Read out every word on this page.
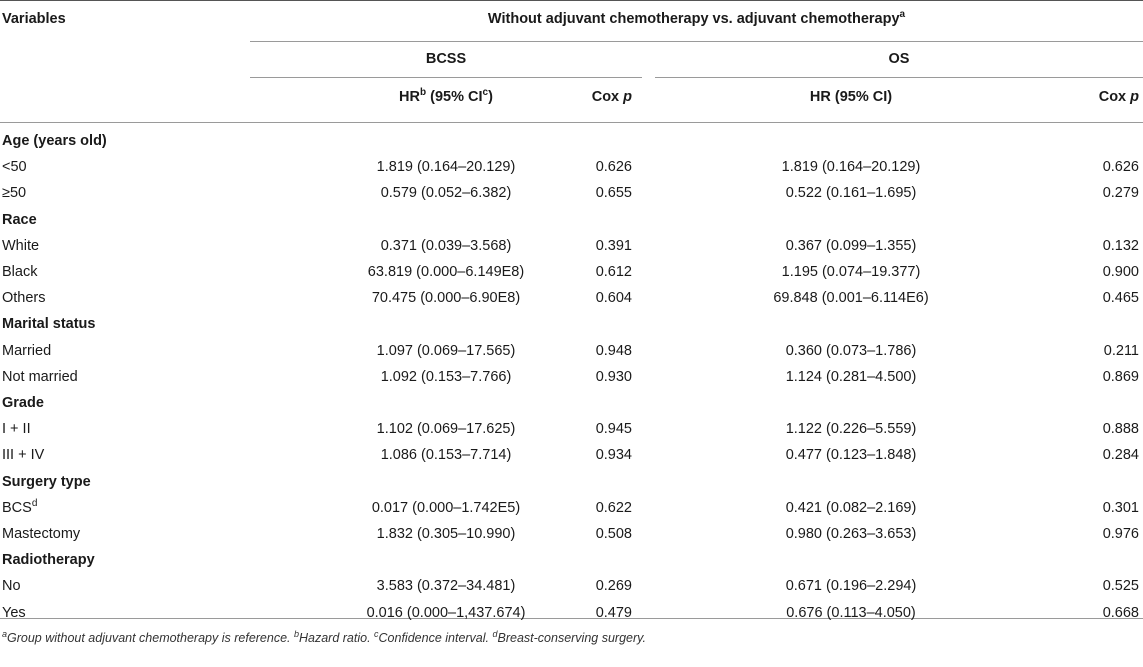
Variables	Without adjuvant chemotherapy vs. adjuvant chemotherapy$^a$
BCSS	OS
$HR^b$ (95% $CI^c$)	Cox p	HR (95% CI)	Cox p
Age (years old)
<50	1.819 (0.164–20.129)	0.626	1.819 (0.164–20.129)	0.626
≥50	0.579 (0.052–6.382)	0.655	0.522 (0.161–1.695)	0.279
Race
White	0.371 (0.039–3.568)	0.391	0.367 (0.099–1.355)	0.132
Black	63.819 (0.000–6.149E8)	0.612	1.195 (0.074–19.377)	0.900
Others	70.475 (0.000–6.90E8)	0.604	69.848 (0.001–6.114E6)	0.465
Marital status
Married	1.097 (0.069–17.565)	0.948	0.360 (0.073–1.786)	0.211
Not married	1.092 (0.153–7.766)	0.930	1.124 (0.281–4.500)	0.869
Grade
I + II	1.102 (0.069–17.625)	0.945	1.122 (0.226–5.559)	0.888
III + IV	1.086 (0.153–7.714)	0.934	0.477 (0.123–1.848)	0.284
Surgery type
BCS$^d$	0.017 (0.000–1.742E5)	0.622	0.421 (0.082–2.169)	0.301
Mastectomy	1.832 (0.305–10.990)	0.508	0.980 (0.263–3.653)	0.976
Radiotherapy
No	3.583 (0.372–34.481)	0.269	0.671 (0.196–2.294)	0.525
Yes	0.016 (0.000–1,437.674)	0.479	0.676 (0.113–4.050)	0.668
$^a$Group without adjuvant chemotherapy is reference. $^b$Hazard ratio. $^c$Confidence interval. $^d$Breast-conserving surgery.
